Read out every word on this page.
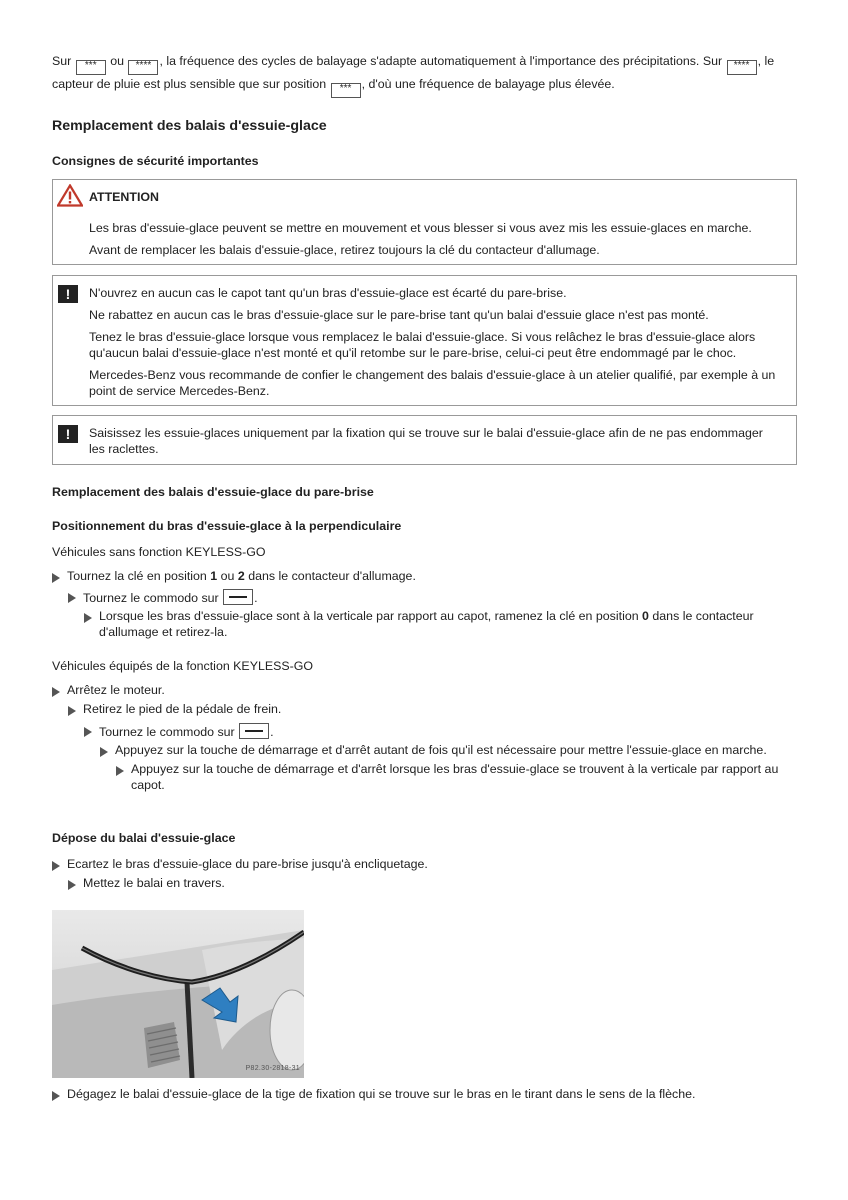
Sur *** ou **** , la fréquence des cycles de balayage s'adapte automatiquement à l'importance des précipitations. Sur **** , le capteur de pluie est plus sensible que sur position *** , d'où une fréquence de balayage plus élevée.

Remplacement des balais d'essuie-glace
Consignes de sécurité importantes

ATTENTION

Les bras d'essuie-glace peuvent se mettre en mouvement et vous blesser si vous avez mis les essuie-glaces en marche.

Avant de remplacer les balais d'essuie-glace, retirez toujours la clé du contacteur d'allumage.

!	N'ouvrez en aucun cas le capot tant qu'un bras d'essuie-glace est écarté du pare-brise.

Ne rabattez en aucun cas le bras d'essuie-glace sur le pare-brise tant qu'un balai d'essuie glace n'est pas monté.

Tenez le bras d'essuie-glace lorsque vous remplacez le balai d'essuie-glace. Si vous relâchez le bras d'essuie-glace alors qu'aucun balai d'essuie-glace n'est monté et qu'il retombe sur le pare-brise, celui-ci peut être endommagé par le choc.

Mercedes-Benz vous recommande de confier le changement des balais d'essuie-glace à un atelier qualifié, par exemple à un point de service Mercedes-Benz.

!	Saisissez les essuie-glaces uniquement par la fixation qui se trouve sur le balai d'essuie-glace afin de ne pas endommager les raclettes.

Remplacement des balais d'essuie-glace du pare-brise
Positionnement du bras d'essuie-glace à la perpendiculaire

Véhicules sans fonction KEYLESS-GO

Tournez la clé en position 1 ou 2 dans le contacteur d'allumage.

Tournez le commodo sur	.

Lorsque les bras d'essuie-glace sont à la verticale par rapport au capot, ramenez la clé en position 0 dans le contacteur d'allumage et retirez-la.

Véhicules équipés de la fonction KEYLESS-GO

Arrêtez le moteur.

Retirez le pied de la pédale de frein.

Tournez le commodo sur	.

Appuyez sur la touche de démarrage et d'arrêt autant de fois qu'il est nécessaire pour mettre l'essuie-glace en marche.

Appuyez sur la touche de démarrage et d'arrêt lorsque les bras d'essuie-glace se trouvent à la verticale par rapport au capot.

Dépose du balai d'essuie-glace

Ecartez le bras d'essuie-glace du pare-brise jusqu'à encliquetage.

Mettez le balai en travers.

P82.30-2818-31

Dégagez le balai d'essuie-glace de la tige de fixation qui se trouve sur le bras en le tirant dans le sens de la flèche.
